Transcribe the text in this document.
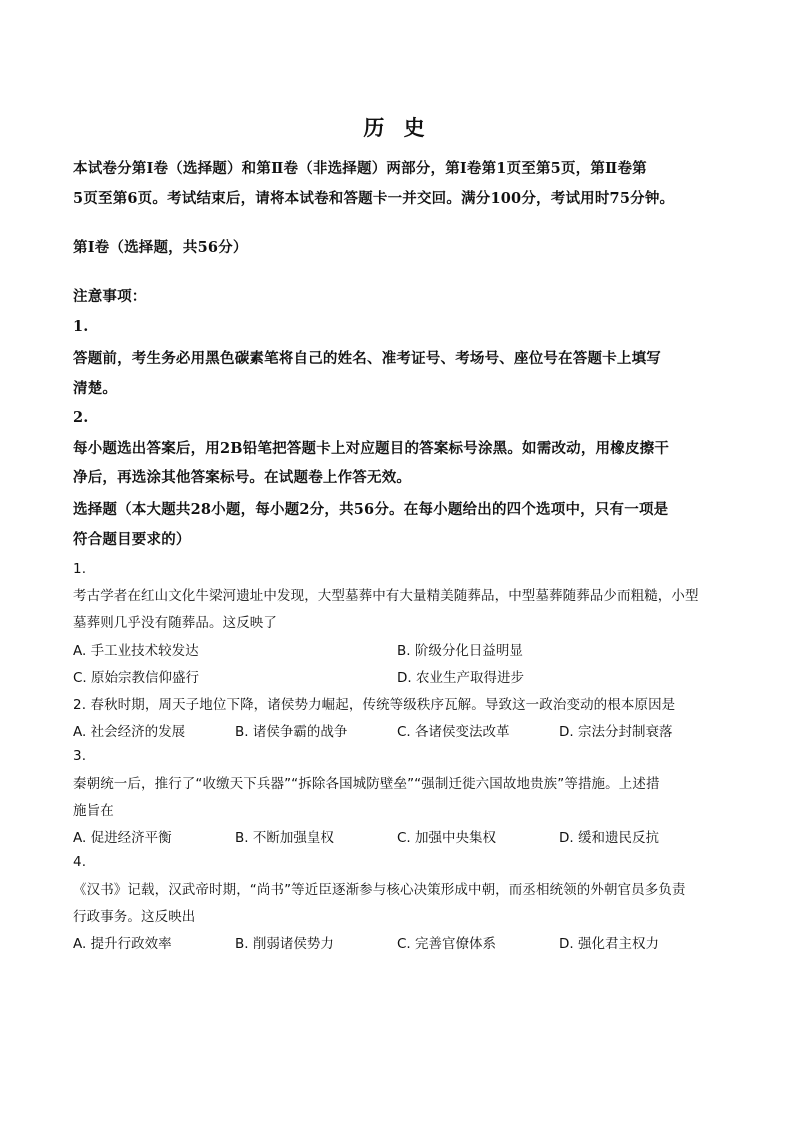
历 史
本试卷分第Ⅰ卷（选择题）和第Ⅱ卷（非选择题）两部分，第Ⅰ卷第1页至第5页，第Ⅱ卷第
5页至第6页。考试结束后，请将本试卷和答题卡一并交回。满分100分，考试用时75分钟。
第Ⅰ卷（选择题，共56分）
注意事项：
1.
答题前，考生务必用黑色碳素笔将自己的姓名、准考证号、考场号、座位号在答题卡上填写
清楚。
2.
每小题选出答案后，用2B铅笔把答题卡上对应题目的答案标号涂黑。如需改动，用橡皮擦干
净后，再选涂其他答案标号。在试题卷上作答无效。
选择题（本大题共28小题，每小题2分，共56分。在每小题给出的四个选项中，只有一项是
符合题目要求的）
1.
考古学者在红山文化牛梁河遗址中发现，大型墓葬中有大量精美随葬品，中型墓葬随葬品少而粗糙，小型
墓葬则几乎没有随葬品。这反映了
A. 手工业技术较发达	B. 阶级分化日益明显
C. 原始宗教信仰盛行	D. 农业生产取得进步
2. 春秋时期，周天子地位下降，诸侯势力崛起，传统等级秩序瓦解。导致这一政治变动的根本原因是
A. 社会经济的发展	B. 诸侯争霸的战争	C. 各诸侯变法改革	D. 宗法分封制衰落
3.
秦朝统一后，推行了“收缴天下兵器”“拆除各国城防壁垒”“强制迁徙六国故地贵族”等措施。上述措
施旨在
A. 促进经济平衡	B. 不断加强皇权	C. 加强中央集权	D. 缓和遗民反抗
4.
《汉书》记载，汉武帝时期，“尚书”等近臣逐渐参与核心决策形成中朝，而丞相统领的外朝官员多负责
行政事务。这反映出
A. 提升行政效率	B. 削弱诸侯势力	C. 完善官僚体系	D. 强化君主权力
